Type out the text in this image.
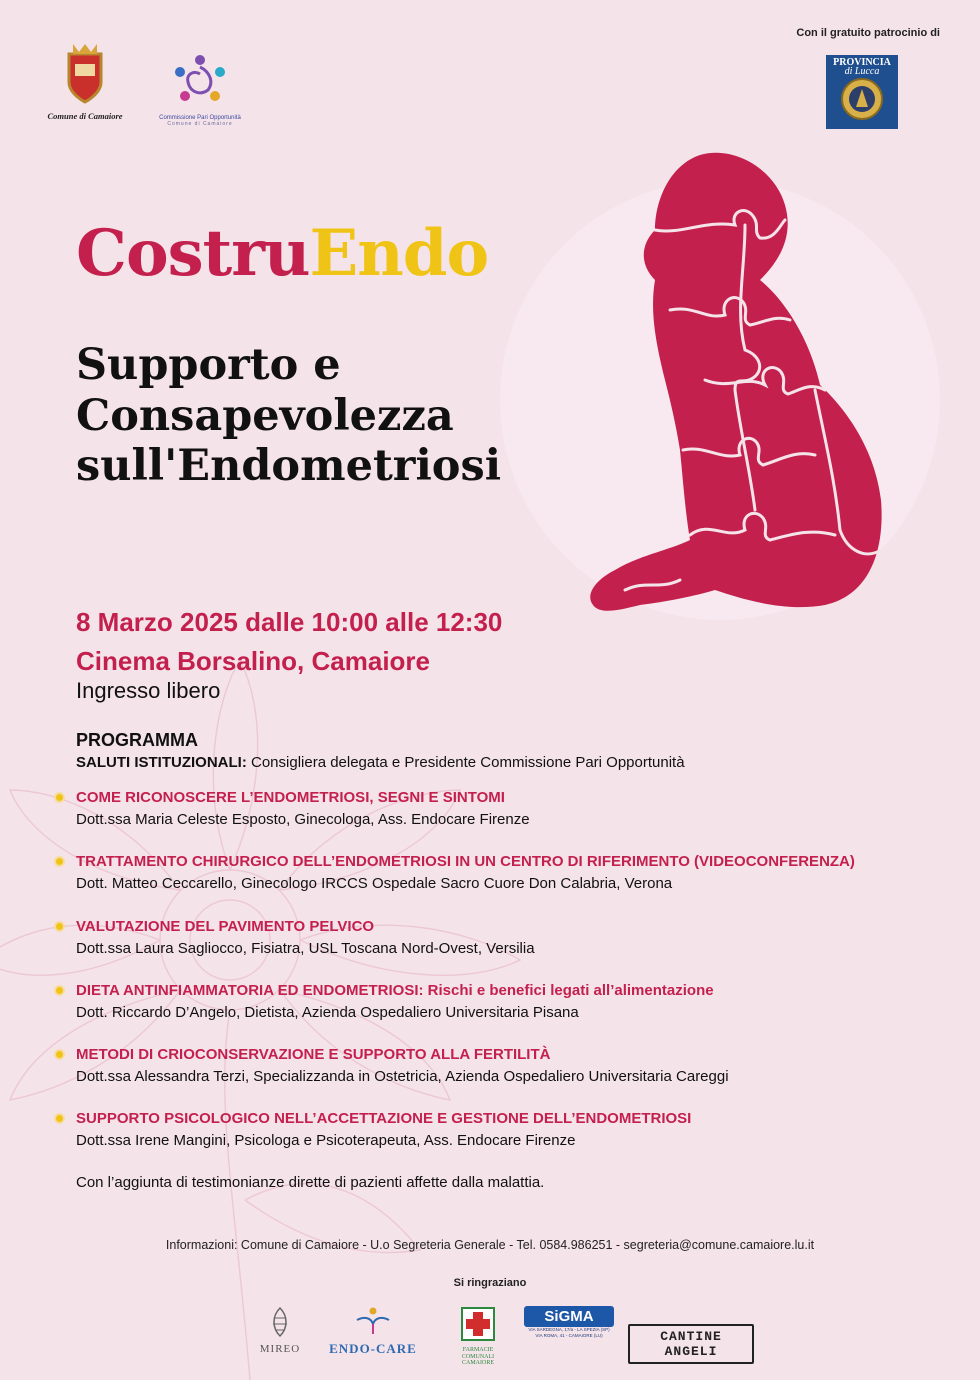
Comune di Camaiore	Commissione Pari Opportunità
Comune di Camaiore
Con il gratuito patrocinio di
PROVINCIA
di Lucca
CostruEndo
Supporto e
Consapevolezza
sull'Endometriosi
8 Marzo 2025 dalle 10:00 alle 12:30
Cinema Borsalino, Camaiore
Ingresso libero
PROGRAMMA
SALUTI ISTITUZIONALI: Consigliera delegata e Presidente Commissione Pari Opportunità
COME RICONOSCERE L’ENDOMETRIOSI, SEGNI E SINTOMI
Dott.ssa Maria Celeste Esposto, Ginecologa, Ass. Endocare Firenze
TRATTAMENTO CHIRURGICO DELL’ENDOMETRIOSI IN UN CENTRO DI RIFERIMENTO (VIDEOCONFERENZA)
Dott. Matteo Ceccarello, Ginecologo IRCCS Ospedale Sacro Cuore Don Calabria, Verona
VALUTAZIONE DEL PAVIMENTO PELVICO
Dott.ssa Laura Sagliocco, Fisiatra, USL Toscana Nord-Ovest, Versilia
DIETA ANTINFIAMMATORIA ED ENDOMETRIOSI: Rischi e benefici legati all’alimentazione
Dott. Riccardo D’Angelo, Dietista, Azienda Ospedaliero Universitaria Pisana
METODI DI CRIOCONSERVAZIONE E SUPPORTO ALLA FERTILITÀ
Dott.ssa Alessandra Terzi, Specializzanda in Ostetricia, Azienda Ospedaliero Universitaria Careggi
SUPPORTO PSICOLOGICO NELL’ACCETTAZIONE E GESTIONE DELL’ENDOMETRIOSI
Dott.ssa Irene Mangini, Psicologa e Psicoterapeuta, Ass. Endocare Firenze
Con l’aggiunta di testimonianze dirette di pazienti affette dalla malattia.
Informazioni: Comune di Camaiore - U.o Segreteria Generale - Tel. 0584.986251 - segreteria@comune.camaiore.lu.it
Si ringraziano
MIREO	ENDO-CARE	FARMACIE COMUNALI CAMAIORE
SiGMA
VIA SARDEGNA, 17/a - LA SPEZIA (SP)
VIA ROMA, 41 - CAMAIORE (LU)	CANTINE ANGELI
